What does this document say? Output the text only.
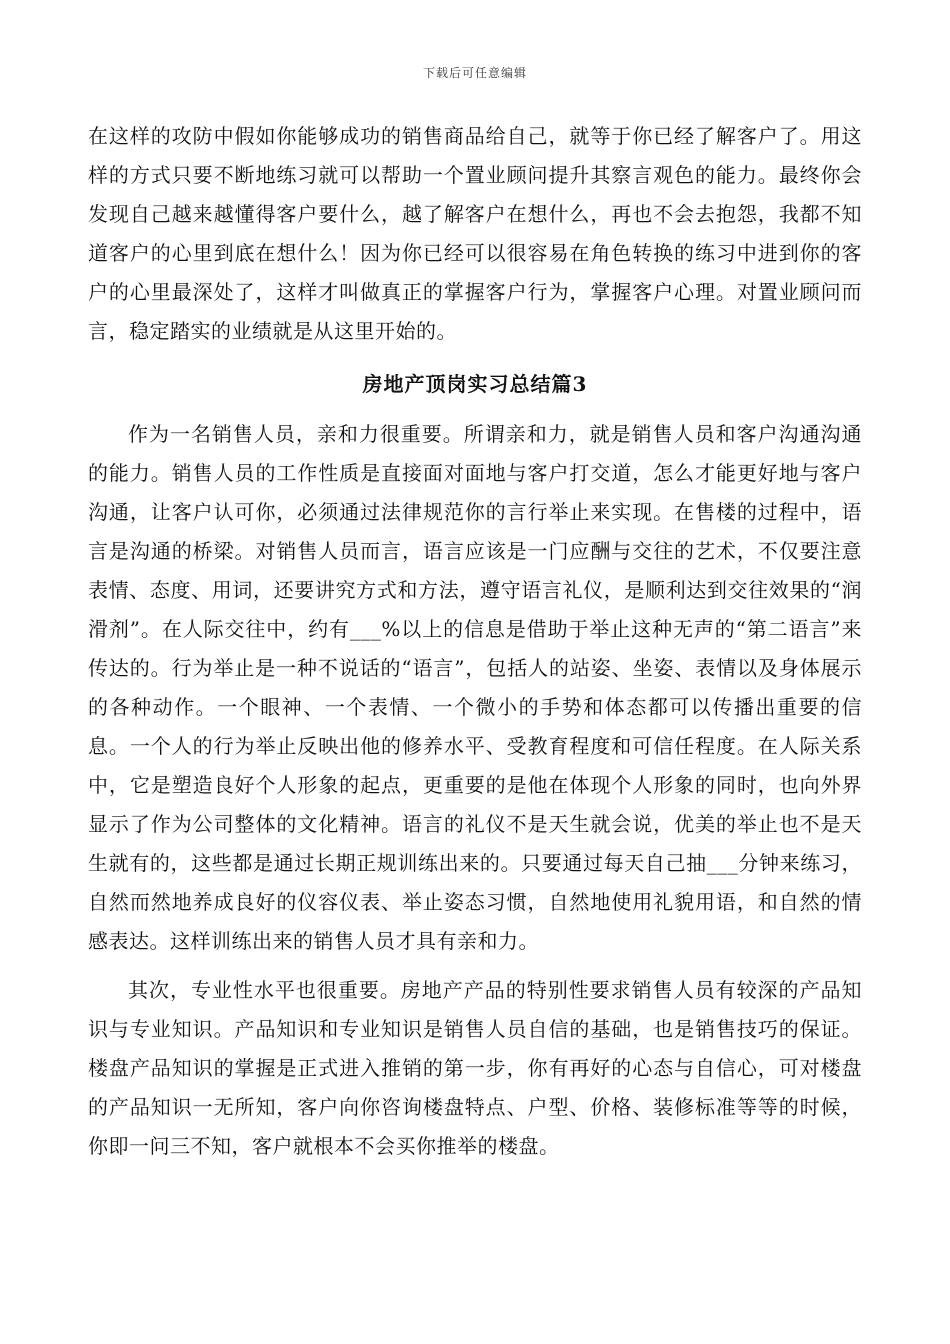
下载后可任意编辑

在这样的攻防中假如你能够成功的销售商品给自己，就等于你已经了解客户了。用这样的方式只要不断地练习就可以帮助一个置业顾问提升其察言观色的能力。最终你会发现自己越来越懂得客户要什么，越了解客户在想什么，再也不会去抱怨，我都不知道客户的心里到底在想什么！因为你已经可以很容易在角色转换的练习中进到你的客户的心里最深处了，这样才叫做真正的掌握客户行为，掌握客户心理。对置业顾问而言，稳定踏实的业绩就是从这里开始的。

房地产顶岗实习总结篇3

作为一名销售人员，亲和力很重要。所谓亲和力，就是销售人员和客户沟通沟通的能力。销售人员的工作性质是直接面对面地与客户打交道，怎么才能更好地与客户沟通，让客户认可你，必须通过法律规范你的言行举止来实现。在售楼的过程中，语言是沟通的桥梁。对销售人员而言，语言应该是一门应酬与交往的艺术，不仅要注意表情、态度、用词，还要讲究方式和方法，遵守语言礼仪，是顺利达到交往效果的“润滑剂”。在人际交往中，约有___%以上的信息是借助于举止这种无声的“第二语言”来传达的。行为举止是一种不说话的“语言”，包括人的站姿、坐姿、表情以及身体展示的各种动作。一个眼神、一个表情、一个微小的手势和体态都可以传播出重要的信息。一个人的行为举止反映出他的修养水平、受教育程度和可信任程度。在人际关系中，它是塑造良好个人形象的起点，更重要的是他在体现个人形象的同时，也向外界显示了作为公司整体的文化精神。语言的礼仪不是天生就会说，优美的举止也不是天生就有的，这些都是通过长期正规训练出来的。只要通过每天自己抽___分钟来练习，自然而然地养成良好的仪容仪表、举止姿态习惯，自然地使用礼貌用语，和自然的情感表达。这样训练出来的销售人员才具有亲和力。

其次，专业性水平也很重要。房地产产品的特别性要求销售人员有较深的产品知识与专业知识。产品知识和专业知识是销售人员自信的基础，也是销售技巧的保证。楼盘产品知识的掌握是正式进入推销的第一步，你有再好的心态与自信心，可对楼盘的产品知识一无所知，客户向你咨询楼盘特点、户型、价格、装修标准等等的时候，你即一问三不知，客户就根本不会买你推举的楼盘。
